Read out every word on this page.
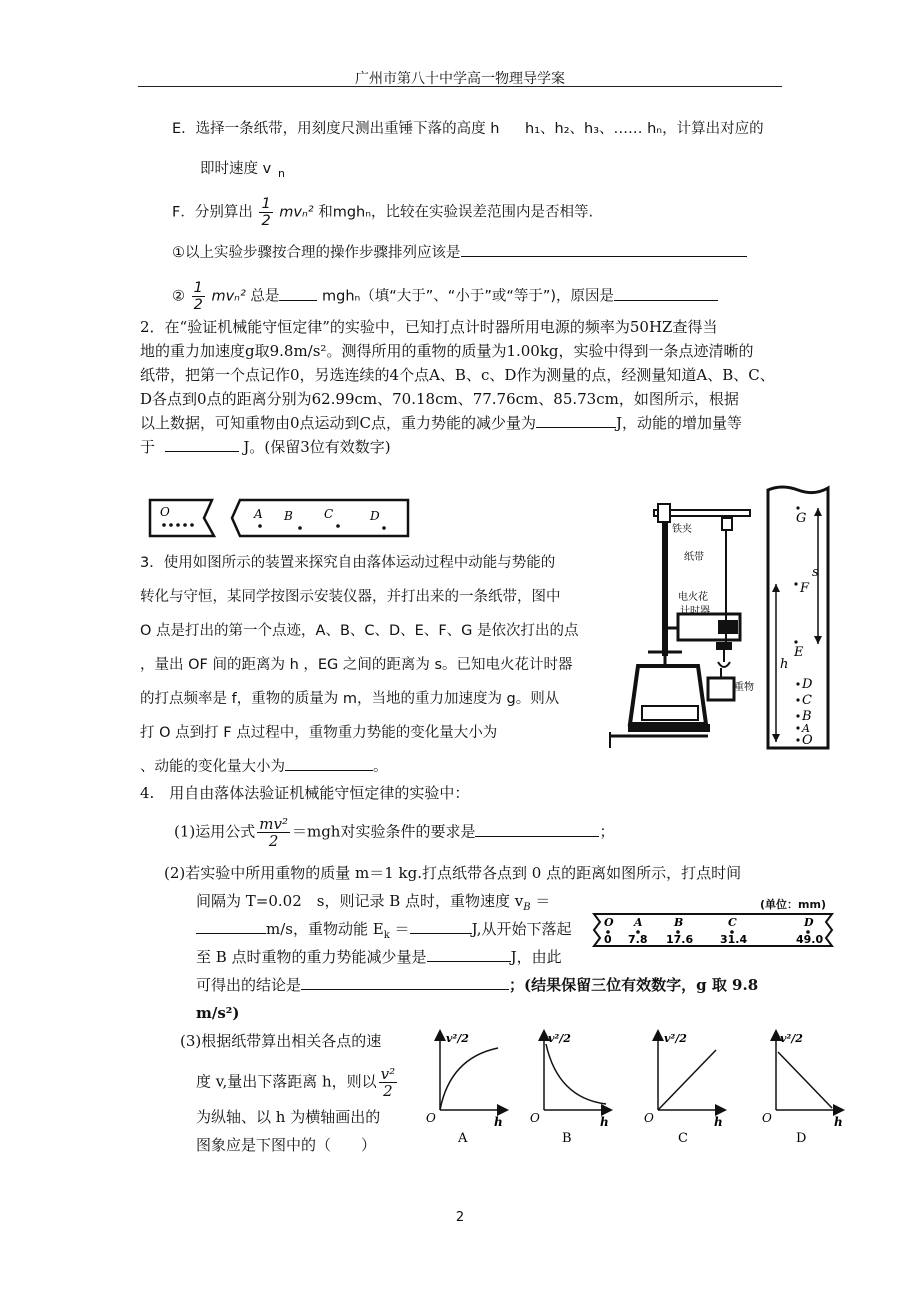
广州市第八十中学高一物理导学案
E．选择一条纸带，用刻度尺测出重锤下落的高度 h h₁、h₂、h₃、…… hₙ，计算出对应的
即时速度 v n
F．分别算出 $\frac{1}{2} mv_n^2$ 和mghₙ，比较在实验误差范围内是否相等.
①以上实验步骤按合理的操作步骤排列应该是
② $\frac{1}{2} mv_n^2$ 总是	mghₙ（填“大于”、“小于”或“等于”)，原因是
2．在“验证机械能守恒定律”的实验中，已知打点计时器所用电源的频率为50HZ查得当
地的重力加速度g取9.8m/s²。测得所用的重物的质量为1.00kg，实验中得到一条点迹清晰的
纸带，把第一个点记作0，另选连续的4个点A、B、c、D作为测量的点，经测量知道A、B、C、
D各点到0点的距离分别为62.99cm、70.18cm、77.76cm、85.73cm，如图所示，根据
以上数据，可知重物由0点运动到C点，重力势能的减少量为	J，动能的增加量等
于	J。(保留3位有效数字)
O	A B	C	D
3．使用如图所示的装置来探究自由落体运动过程中动能与势能的
转化与守恒，某同学按图示安装仪器，并打出来的一条纸带，图中
O 点是打出的第一个点迹，A、B、C、D、E、F、G 是依次打出的点
，量出 OF 间的距离为 h ，EG 之间的距离为 s。已知电火花计时器
的打点频率是 f，重物的质量为 m，当地的重力加速度为 g。则从
打 O 点到打 F 点过程中，重物重力势能的变化量大小为
、动能的变化量大小为	。
铁夹
纸带
电火花
计时器
重物
G
s
F
E
h
D
C
B
A
O
4.　用自由落体法验证机械能守恒定律的实验中：
(1)运用公式 $\frac{\text{mv²}}{2} =mgh$对实验条件的要求是	；
(2)若实验中所用重物的质量 m＝1 kg.打点纸带各点到 0 点的距离如图所示，打点时间
间隔为 T=0.02　s，则记录 B 点时，重物速度 $v_B$ ＝
m/s，重物动能 $E_k$ ＝	J,从开始下落起
至 B 点时重物的重力势能减少量是	J，由此
可得出的结论是	；(结果保留三位有效数字，g 取 9.8
m/s²)
(单位：mm)
O A	B	C	D
0 7.8 17.6 31.4	49.0
(3)根据纸带算出相关各点的速
度 v,量出下落距离 h，则以 $\frac{\text{v²}}{2}$
为纵轴、以 h 为横轴画出的
图象应是下图中的（　　）
v²/2
h
O
A
v²/2
h
O
B
v²/2
h
O
C
v²/2
h
O
D
2
